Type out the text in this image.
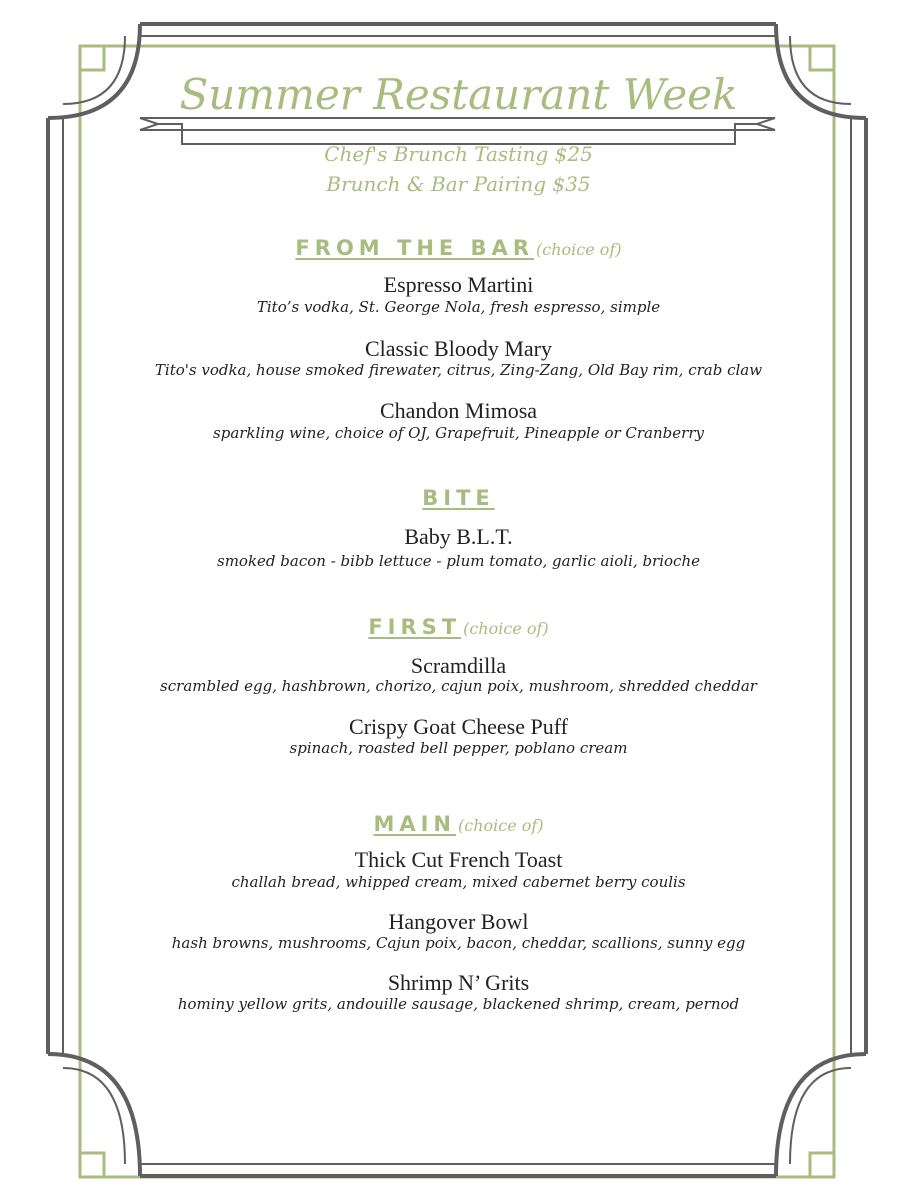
Summer Restaurant Week
Chef's Brunch Tasting $25
Brunch & Bar Pairing $35
FROM THE BAR (choice of)
Espresso Martini
Tito’s vodka, St. George Nola, fresh espresso, simple
Classic Bloody Mary
Tito's vodka, house smoked firewater, citrus, Zing-Zang, Old Bay rim, crab claw
Chandon Mimosa
sparkling wine, choice of OJ, Grapefruit, Pineapple or Cranberry
BITE
Baby B.L.T.
smoked bacon - bibb lettuce - plum tomato, garlic aioli, brioche
FIRST (choice of)
Scramdilla
scrambled egg, hashbrown, chorizo, cajun poix, mushroom, shredded cheddar
Crispy Goat Cheese Puff
spinach, roasted bell pepper, poblano cream
MAIN (choice of)
Thick Cut French Toast
challah bread, whipped cream, mixed cabernet berry coulis
Hangover Bowl
hash browns, mushrooms, Cajun poix, bacon, cheddar, scallions, sunny egg
Shrimp N’ Grits
hominy yellow grits, andouille sausage, blackened shrimp, cream, pernod
